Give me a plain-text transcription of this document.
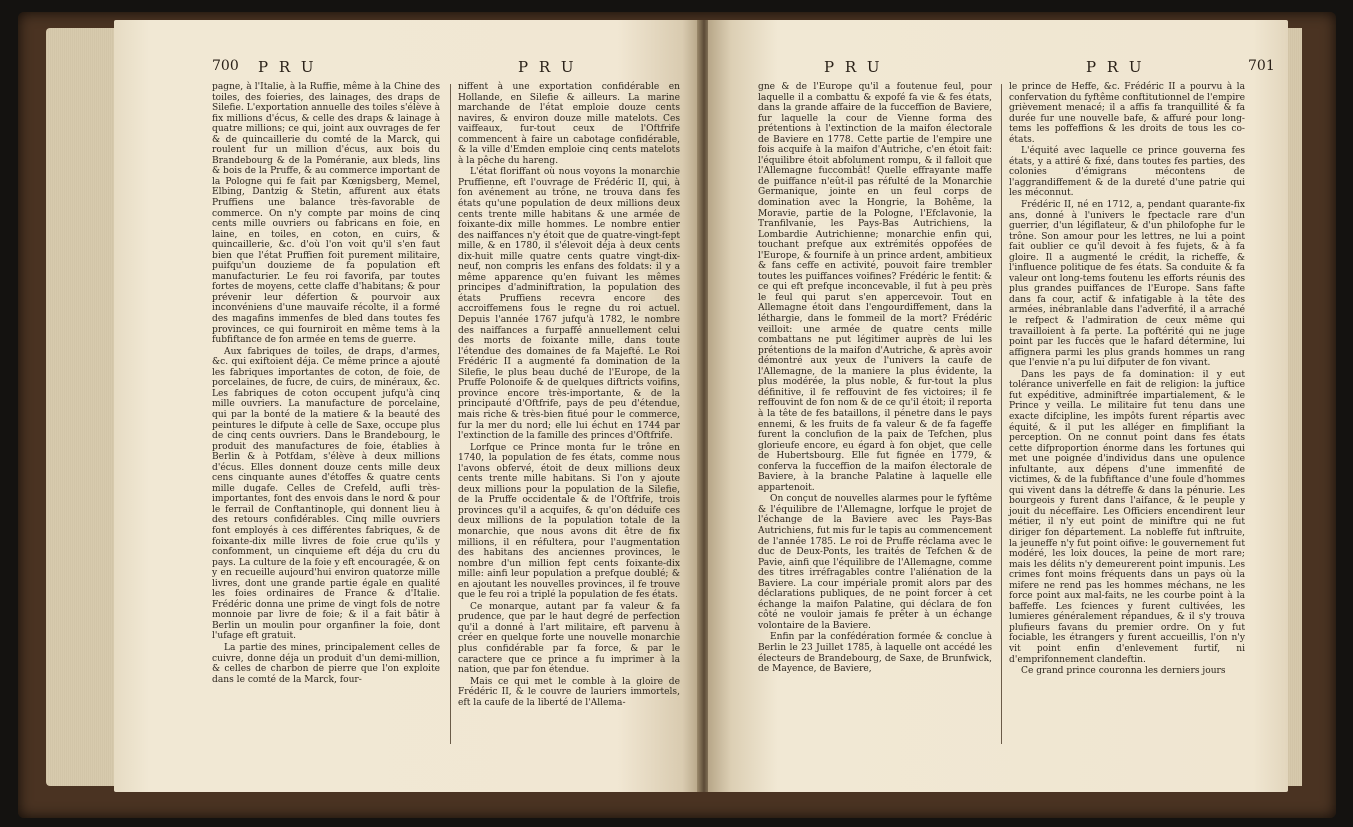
700 P R U	P R U

pagne, à l'Italie, à la Ruffie, même à la Chine des toiles, des foieries, des lainages, des draps de Silefie. L'exportation annuelle des toiles s'élève à fix millions d'écus, & celle des draps & lainage à quatre millions; ce qui, joint aux ouvrages de fer & de quincaillerie du comté de la Marck, qui roulent fur un million d'écus, aux bois du Brandebourg & de la Poméranie, aux bleds, lins & bois de la Pruffe, & au commerce important de la Pologne qui fe fait par Kœnigsberg, Memel, Elbing, Dantzig & Stetin, affurent aux états Pruffiens une balance très-favorable de commerce. On n'y compte par moins de cinq cents mille ouvriers ou fabricans en foie, en laine, en toiles, en coton, en cuirs, & quincaillerie, &c. d'où l'on voit qu'il s'en faut bien que l'état Pruffien foit purement militaire, puifqu'un douzieme de fa population eft manufacturier. Le feu roi favorifa, par toutes fortes de moyens, cette claffe d'habitans; & pour prévenir leur défertion & pourvoir aux inconvéniens d'une mauvaife récolte, il a formé des magafins immenfes de bled dans toutes fes provinces, ce qui fourniroit en même tems à la fubfiftance de fon armée en tems de guerre.

Aux fabriques de toiles, de draps, d'armes, &c. qui exiftoient déja. Ce même prince a ajouté les fabriques importantes de coton, de foie, de porcelaines, de fucre, de cuirs, de minéraux, &c. Les fabriques de coton occupent jufqu'à cinq mille ouvriers. La manufacture de porcelaine, qui par la bonté de la matiere & la beauté des peintures le difpute à celle de Saxe, occupe plus de cinq cents ouvriers. Dans le Brandebourg, le produit des manufactures de foie, établies à Berlin & à Potfdam, s'élève à deux millions d'écus. Elles donnent douze cents mille deux cens cinquante aunes d'étoffes & quatre cents mille dugafe. Celles de Crefeld, aufli très-importantes, font des envois dans le nord & pour le ferrail de Conftantinople, qui donnent lieu à des retours confidérables. Cinq mille ouvriers font employés à ces différentes fabriques, & de foixante-dix mille livres de foie crue qu'ils y confomment, un cinquieme eft déja du cru du pays. La culture de la foie y eft encouragée, & on y en recueille aujourd'hui environ quatorze mille livres, dont une grande partie égale en qualité les foies ordinaires de France & d'Italie. Frédéric donna une prime de vingt fols de notre monnoie par livre de foie; & il a fait bâtir à Berlin un moulin pour organfiner la foie, dont l'ufage eft gratuit.

La partie des mines, principalement celles de cuivre, donne déja un produit d'un demi-million, & celles de charbon de pierre que l'on exploite dans le comté de la Marck, four-

niffent à une exportation confidérable en Hollande, en Silefie & ailleurs. La marine marchande de l'état emploie douze cents navires, & environ douze mille matelots. Ces vaiffeaux, fur-tout ceux de l'Oftfrife commencent à faire un cabotage confidérable, & la ville d'Emden emploie cinq cents matelots à la pêche du hareng.

L'état floriffant où nous voyons la monarchie Pruffienne, eft l'ouvrage de Frédéric II, qui, à fon avénement au trône, ne trouva dans fes états qu'une population de deux millions deux cents trente mille habitans & une armée de foixante-dix mille hommes. Le nombre entier des naiffances n'y étoit que de quatre-vingt-fept mille, & en 1780, il s'élevoit déja à deux cents dix-huit mille quatre cents quatre vingt-dix-neuf, non compris les enfans des foldats: il y a même apparence qu'en fuivant les mêmes principes d'adminiftration, la population des états Pruffiens recevra encore des accroiffemens fous le regne du roi actuel. Depuis l'année 1767 jufqu'à 1782, le nombre des naiffances a furpaffé annuellement celui des morts de foixante mille, dans toute l'étendue des domaines de fa Majefté. Le Roi Frédéric II a augmenté fa domination de la Silefie, le plus beau duché de l'Europe, de la Pruffe Polonoife & de quelques diftricts voifins, province encore très-importante, & de la principauté d'Oftfrife, pays de peu d'étendue, mais riche & très-bien fitué pour le commerce, fur la mer du nord; elle lui échut en 1744 par l'extinction de la famille des princes d'Oftfrife.

Lorfque ce Prince monta fur le trône en 1740, la population de fes états, comme nous l'avons obfervé, étoit de deux millions deux cents trente mille habitans. Si l'on y ajoute deux millions pour la population de la Silefie, de la Pruffe occidentale & de l'Oftfrife, trois provinces qu'il a acquifes, & qu'on déduife ces deux millions de la population totale de la monarchie, que nous avons dit être de fix millions, il en réfultera, pour l'augmentation des habitans des anciennes provinces, le nombre d'un million fept cents foixante-dix mille: ainfi leur population a prefque doublé; & en ajoutant les nouvelles provinces, il fe trouve que le feu roi a triplé la population de fes états.

Ce monarque, autant par fa valeur & fa prudence, que par le haut degré de perfection qu'il a donné à l'art militaire, eft parvenu à créer en quelque forte une nouvelle monarchie plus confidérable par fa force, & par le caractere que ce prince a fu imprimer à la nation, que par fon étendue.

Mais ce qui met le comble à la gloire de Frédéric II, & le couvre de lauriers immortels, eft la caufe de la liberté de l'Allema-

P R U	P R U	701

gne & de l'Europe qu'il a foutenue feul, pour laquelle il a combattu & expofé fa vie & fes états, dans la grande affaire de la fucceffion de Baviere, fur laquelle la cour de Vienne forma des prétentions à l'extinction de la maifon électorale de Baviere en 1778. Cette partie de l'empire une fois acquife à la maifon d'Autriche, c'en étoit fait: l'équilibre étoit abfolument rompu, & il falloit que l'Allemagne fuccombât! Quelle effrayante maffe de puiffance n'eût-il pas réfulté de la Monarchie Germanique, jointe en un feul corps de domination avec la Hongrie, la Bohême, la Moravie, partie de la Pologne, l'Efclavonie, la Tranfilvanie, les Pays-Bas Autrichiens, la Lombardie Autrichienne; monarchie enfin qui, touchant prefque aux extrémités oppofées de l'Europe, & fournife à un prince ardent, ambitieux & fans ceffe en activité, pouvoit faire trembler toutes les puiffances voifines? Frédéric le fentit: & ce qui eft prefque inconcevable, il fut à peu près le feul qui parut s'en appercevoir. Tout en Allemagne étoit dans l'engourdiffement, dans la léthargie, dans le fommeil de la mort? Frédéric veilloit: une armée de quatre cents mille combattans ne put légitimer auprès de lui les prétentions de la maifon d'Autriche, & après avoir démontré aux yeux de l'univers la caufe de l'Allemagne, de la maniere la plus évidente, la plus modérée, la plus noble, & fur-tout la plus définitive, il fe reffouvint de fes victoires; il fe reffouvint de fon nom & de ce qu'il étoit; il reporta à la tête de fes bataillons, il pénetre dans le pays ennemi, & les fruits de fa valeur & de fa fageffe furent la conclufion de la paix de Tefchen, plus glorieufe encore, eu égard à fon objet, que celle de Hubertsbourg. Elle fut fignée en 1779, & conferva la fucceffion de la maifon électorale de Baviere, à la branche Palatine à laquelle elle appartenoit.

On conçut de nouvelles alarmes pour le fyftême & l'équilibre de l'Allemagne, lorfque le projet de l'échange de la Baviere avec les Pays-Bas Autrichiens, fut mis fur le tapis au commencement de l'année 1785. Le roi de Pruffe réclama avec le duc de Deux-Ponts, les traités de Tefchen & de Pavie, ainfi que l'équilibre de l'Allemagne, comme des titres irréfragables contre l'aliénation de la Baviere. La cour impériale promit alors par des déclarations publiques, de ne point forcer à cet échange la maifon Palatine, qui déclara de fon côté ne vouloir jamais fe prêter à un échange volontaire de la Baviere.

Enfin par la confédération formée & conclue à Berlin le 23 Juillet 1785, à laquelle ont accédé les électeurs de Brandebourg, de Saxe, de Brunfwick, de Mayence, de Baviere,

le prince de Heffe, &c. Frédéric II a pourvu à la confervation du fyftême conftitutionnel de l'empire grièvement menacé; il a affis fa tranquillité & fa durée fur une nouvelle bafe, & affuré pour long-tems les poffeffions & les droits de tous les co-états.

L'équité avec laquelle ce prince gouverna fes états, y a attiré & fixé, dans toutes fes parties, des colonies d'émigrans mécontens de l'aggrandiffement & de la dureté d'une patrie qui les méconnut.

Frédéric II, né en 1712, a, pendant quarante-fix ans, donné à l'univers le fpectacle rare d'un guerrier, d'un légiflateur, & d'un philofophe fur le trône. Son amour pour les lettres, ne lui a point fait oublier ce qu'il devoit à fes fujets, & à fa gloire. Il a augmenté le crédit, la richeffe, & l'influence politique de fes états. Sa conduite & fa valeur ont long-tems foutenu les efforts réunis des plus grandes puiffances de l'Europe. Sans fafte dans fa cour, actif & infatigable à la tête des armées, inébranlable dans l'adverfité, il a arraché le refpect & l'admiration de ceux même qui travailloient à fa perte. La poftérité qui ne juge point par les fuccès que le hafard détermine, lui affignera parmi les plus grands hommes un rang que l'envie n'a pu lui difputer de fon vivant.

Dans les pays de fa domination: il y eut tolérance univerfelle en fait de religion: la juftice fut expéditive, adminiftrée impartialement, & le Prince y veilla. Le militaire fut tenu dans une exacte difcipline, les impôts furent répartis avec équité, & il put les alléger en fimplifiant la perception. On ne connut point dans fes états cette difproportion énorme dans les fortunes qui met une poignée d'individus dans une opulence infultante, aux dépens d'une immenfité de victimes, & de la fubfiftance d'une foule d'hommes qui vivent dans la détreffe & dans la pénurie. Les bourgeois y furent dans l'aifance, & le peuple y jouit du néceffaire. Les Officiers encendirent leur métier, il n'y eut point de miniftre qui ne fut diriger fon département. La nobleffe fut inftruite, la jeuneffe n'y fut point oifive: le gouvernement fut modéré, les loix douces, la peine de mort rare; mais les délits n'y demeurerent point impunis. Les crimes font moins fréquents dans un pays où la mifere ne rend pas les hommes méchans, ne les force point aux mal-faits, ne les courbe point à la baffeffe. Les fciences y furent cultivées, les lumieres généralement répandues, & il s'y trouva plufieurs favans du premier ordre. On y fut fociable, les étrangers y furent accueillis, l'on n'y vit point enfin d'enlevement furtif, ni d'emprifonnement clandeftin.

Ce grand prince couronna les derniers jours
